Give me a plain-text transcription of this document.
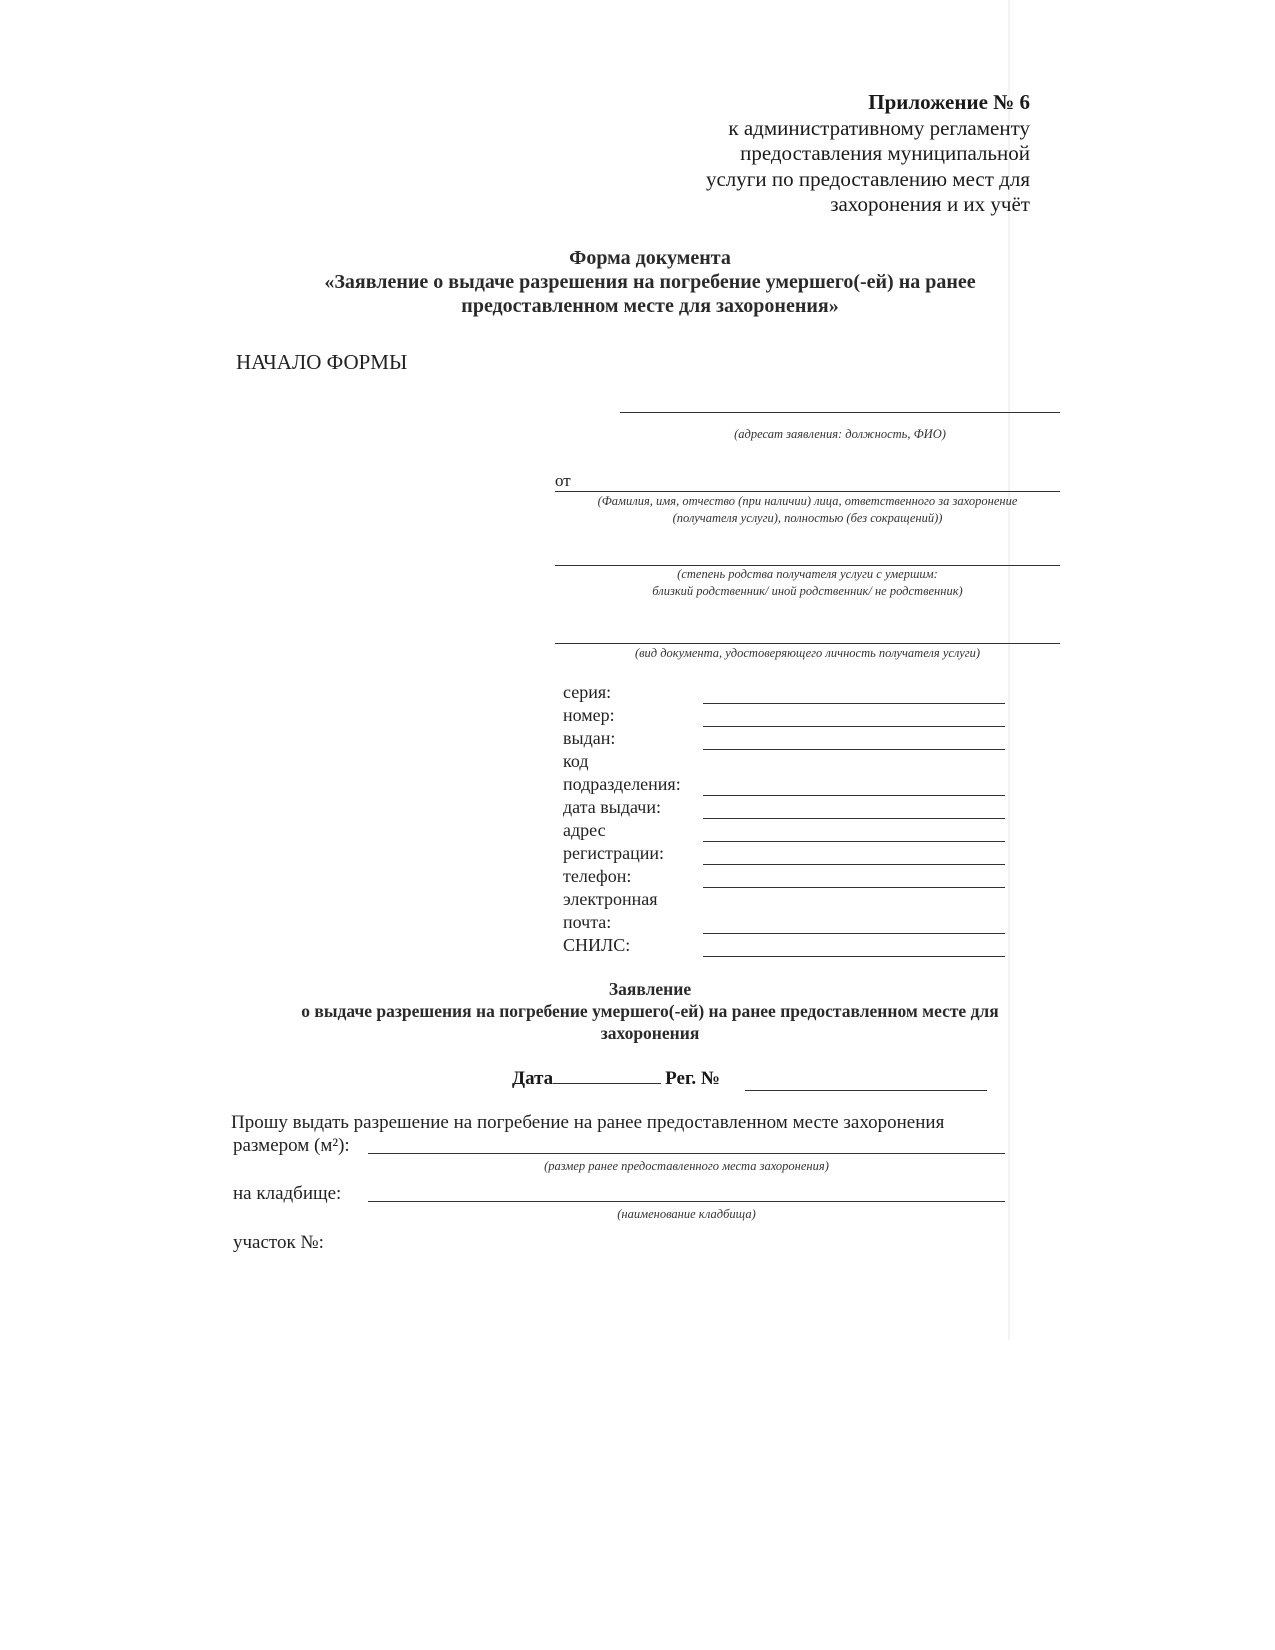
Приложение № 6
к административному регламенту
предоставления муниципальной
услуги по предоставлению мест для
захоронения и их учёт
Форма документа
«Заявление о выдаче разрешения на погребение умершего(-ей) на ранее
предоставленном месте для захоронения»
НАЧАЛО ФОРМЫ
(адресат заявления: должность, ФИО)
от
(Фамилия, имя, отчество (при наличии) лица, ответственного за захоронение
(получателя услуги), полностью (без сокращений))
(степень родства получателя услуги с умершим:
близкий родственник/ иной родственник/ не родственник)
(вид документа, удостоверяющего личность получателя услуги)
серия:
номер:
выдан:
код
подразделения:
дата выдачи:
адрес
регистрации:
телефон:
электронная
почта:
СНИЛС:
Заявление
о выдаче разрешения на погребение умершего(-ей) на ранее предоставленном месте для
захоронения
Дата	Рег. №
Прошу выдать разрешение на погребение на ранее предоставленном месте захоронения
размером (м²):
(размер ранее предоставленного места захоронения)
на кладбище:
(наименование кладбища)
участок №:
